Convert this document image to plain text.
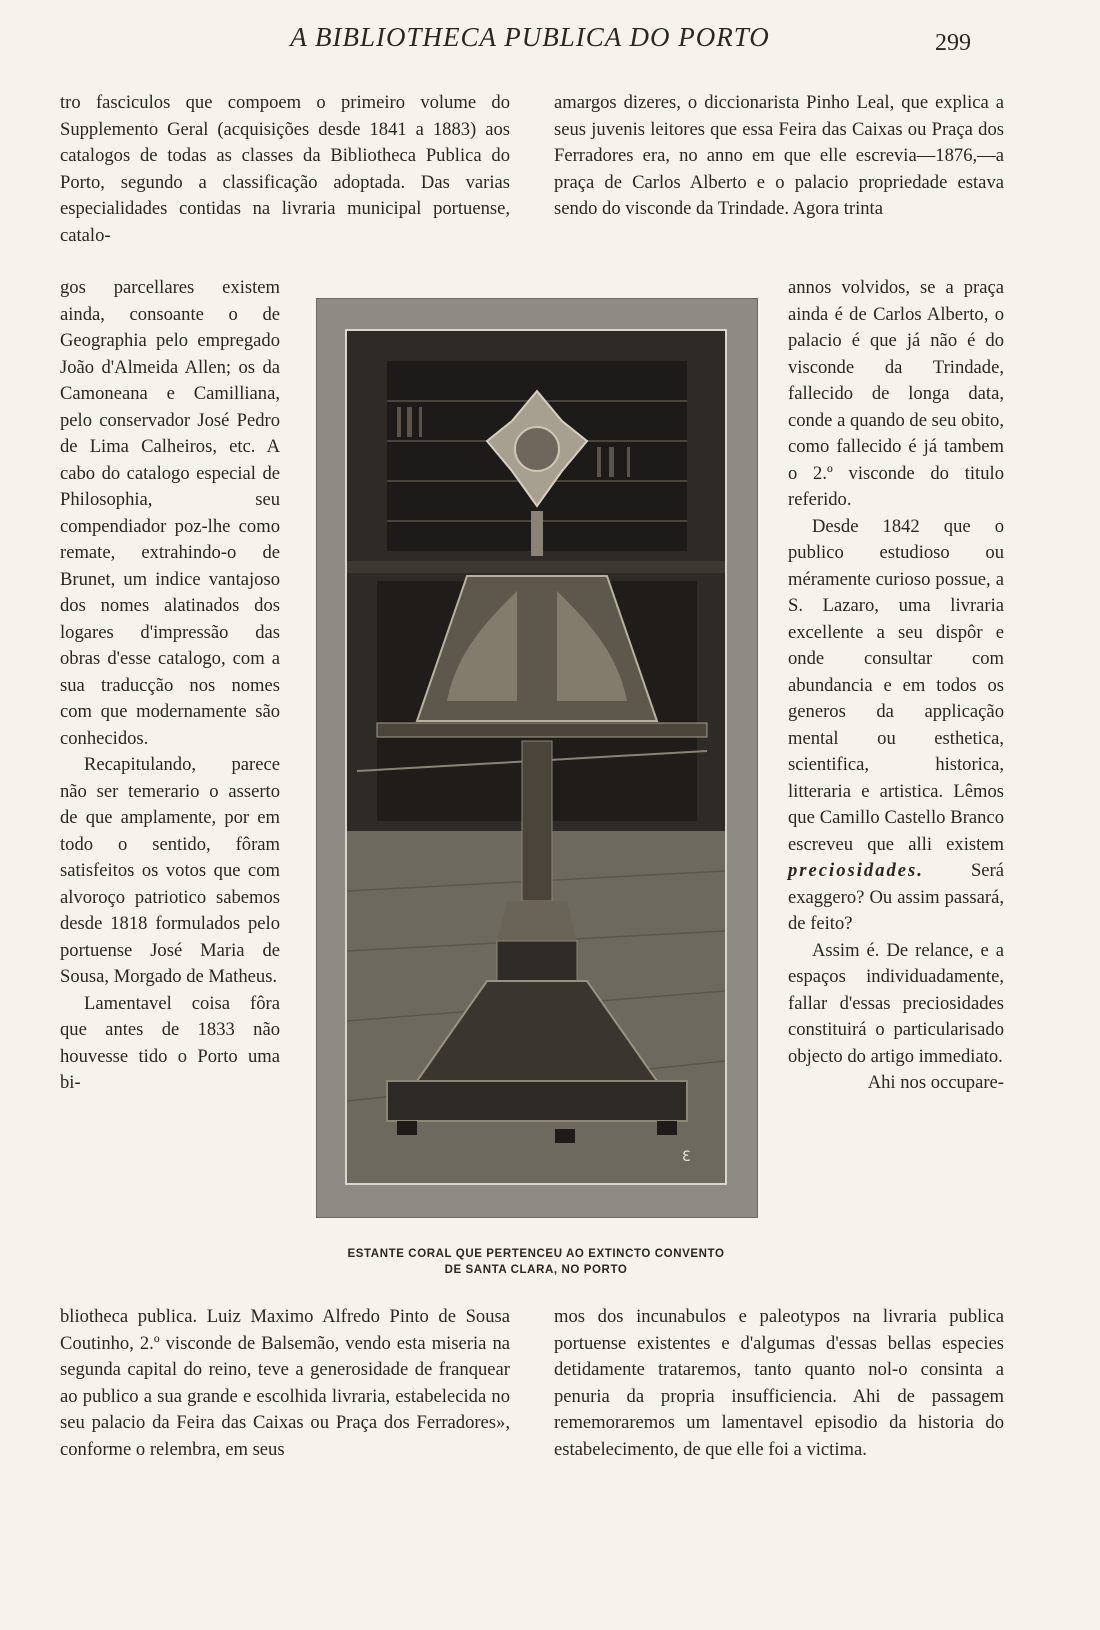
A BIBLIOTHECA PUBLICA DO PORTO	299

tro fasciculos que compoem o primeiro volume do Supplemento Geral (acquisições desde 1841 a 1883) aos catalogos de todas as classes da Bibliotheca Publica do Porto, segundo a classificação adoptada. Das varias especialidades contidas na livraria municipal portuense, catalo-

amargos dizeres, o diccionarista Pinho Leal, que explica a seus juvenis leitores que essa Feira das Caixas ou Praça dos Ferradores era, no anno em que elle escrevia—1876,—a praça de Carlos Alberto e o palacio propriedade estava sendo do visconde da Trindade. Agora trinta

gos parcellares existem ainda, consoante o de Geographia pelo empregado João d'Almeida Allen; os da Camoneana e Camilliana, pelo conservador José Pedro de Lima Calheiros, etc. A cabo do catalogo especial de Philosophia, seu compendiador poz-lhe como remate, extrahindo-o de Brunet, um indice vantajoso dos nomes alatinados dos logares d'impressão das obras d'esse catalogo, com a sua traducção nos nomes com que modernamente são conhecidos.

Recapitulando, parece não ser temerario o asserto de que amplamente, por em todo o sentido, fôram satisfeitos os votos que com alvoroço patriotico sabemos desde 1818 formulados pelo portuense José Maria de Sousa, Morgado de Matheus.

Lamentavel coisa fôra que antes de 1833 não houvesse tido o Porto uma bi-

annos volvidos, se a praça ainda é de Carlos Alberto, o palacio é que já não é do visconde da Trindade, fallecido de longa data, conde a quando de seu obito, como fallecido é já tambem o 2.º visconde do titulo referido.

Desde 1842 que o publico estudioso ou méramente curioso possue, a S. Lazaro, uma livraria excellente a seu dispôr e onde consultar com abundancia e em todos os generos da applicação mental ou esthetica, scientifica, historica, litteraria e artistica. Lêmos que Camillo Castello Branco escreveu que alli existem preciosidades.	Será exaggero? Ou assim passará, de feito?

Assim é. De relance, e a espaços individuadamente, fallar d'essas preciosidades constituirá o particularisado objecto do artigo immediato.

Ahi nos occupare-

Ɛ
ESTANTE CORAL QUE PERTENCEU AO EXTINCTO CONVENTO
DE SANTA CLARA, NO PORTO

bliotheca publica. Luiz Maximo Alfredo Pinto de Sousa Coutinho, 2.º visconde de Balsemão, vendo esta miseria na segunda capital do reino, teve a generosidade de franquear ao publico a sua grande e escolhida livraria, estabelecida no seu palacio da Feira das Caixas ou Praça dos Ferradores», conforme o relembra, em seus

mos dos incunabulos e paleotypos na livraria publica portuense existentes e d'algumas d'essas bellas especies detidamente trataremos, tanto quanto nol-o consinta a penuria da propria insufficiencia. Ahi de passagem rememoraremos um lamentavel episodio da historia do estabelecimento, de que elle foi a victima.
